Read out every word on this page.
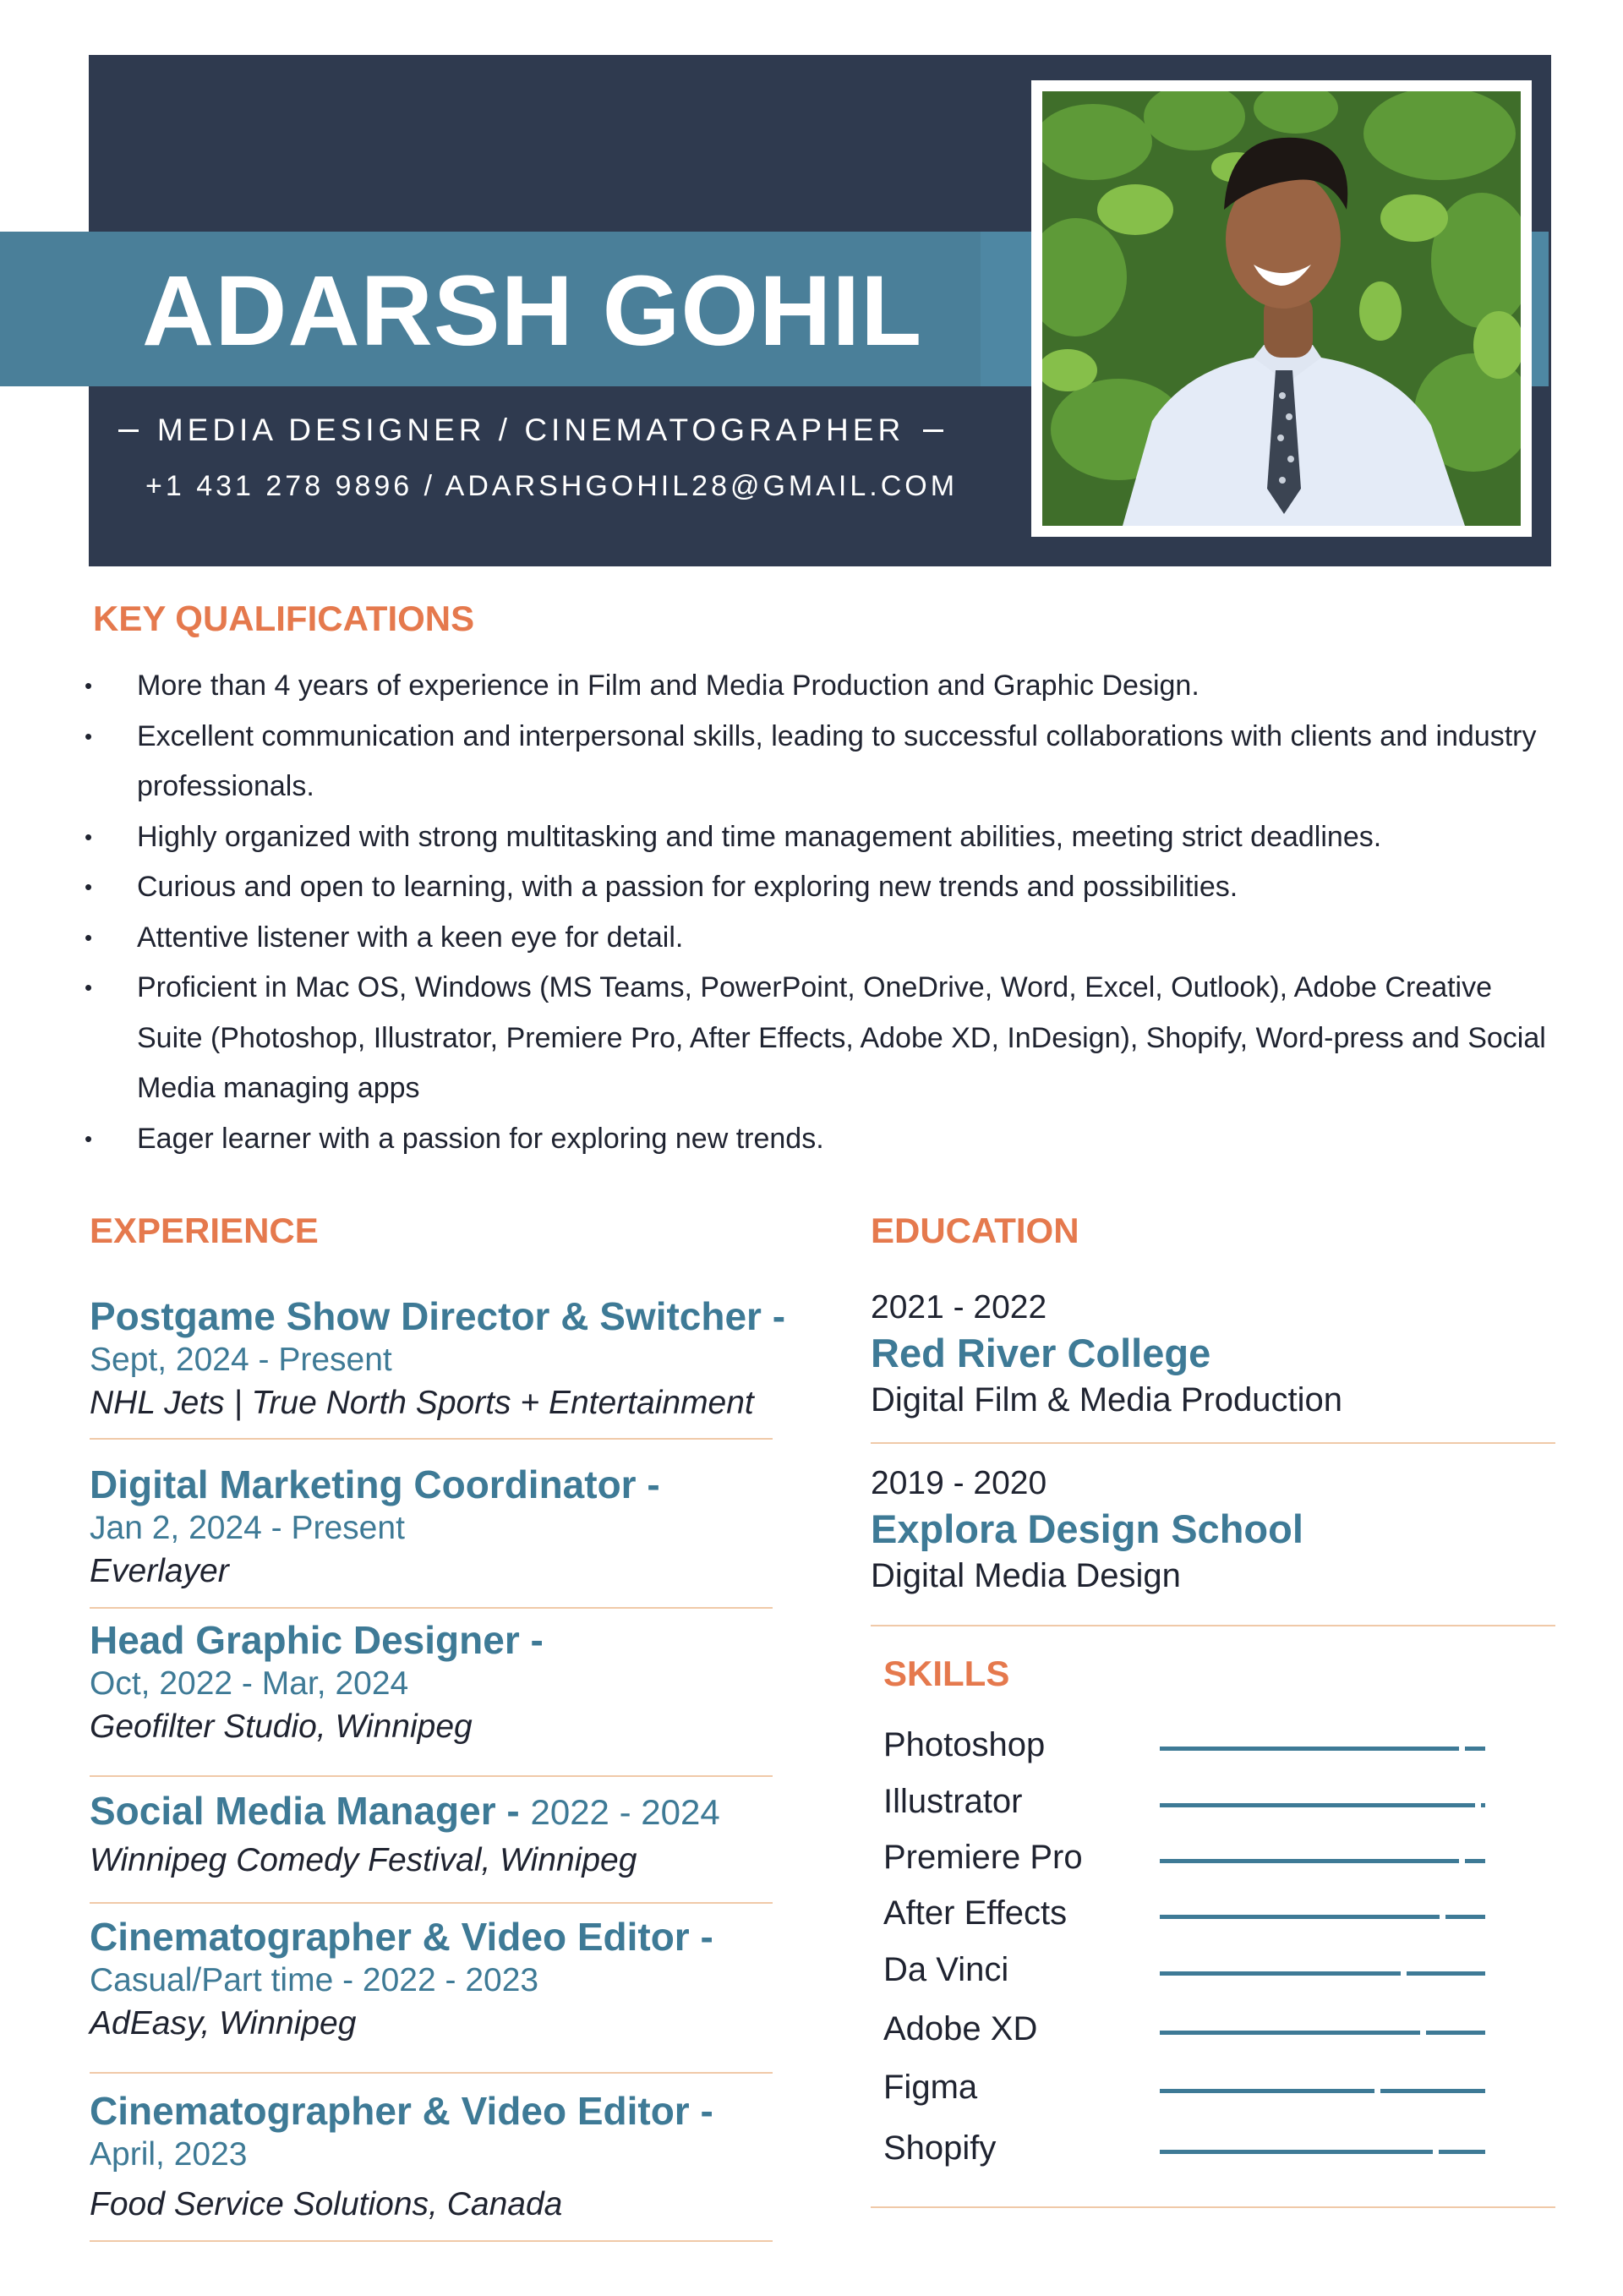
ADARSH GOHIL
MEDIA DESIGNER / CINEMATOGRAPHER
+1 431 278 9896 / ADARSHGOHIL28@GMAIL.COM
KEY QUALIFICATIONS
• More than 4 years of experience in Film and Media Production and Graphic Design.
• Excellent communication and interpersonal skills, leading to successful collaborations with clients and industry professionals.
• Highly organized with strong multitasking and time management abilities, meeting strict deadlines.
• Curious and open to learning, with a passion for exploring new trends and possibilities.
• Attentive listener with a keen eye for detail.
• Proficient in Mac OS, Windows (MS Teams, PowerPoint, OneDrive, Word, Excel, Outlook), Adobe Creative Suite (Photoshop, Illustrator, Premiere Pro, After Effects, Adobe XD, InDesign), Shopify, Word-press and Social Media managing apps
• Eager learner with a passion for exploring new trends.
EXPERIENCE
Postgame Show Director & Switcher -
Sept, 2024 - Present
NHL Jets | True North Sports + Entertainment
Digital Marketing Coordinator -
Jan 2, 2024 - Present
Everlayer
Head Graphic Designer -
Oct, 2022 - Mar, 2024
Geofilter Studio, Winnipeg
Social Media Manager - 2022 - 2024
Winnipeg Comedy Festival, Winnipeg
Cinematographer & Video Editor -
Casual/Part time - 2022 - 2023
AdEasy, Winnipeg
Cinematographer & Video Editor -
April, 2023
Food Service Solutions, Canada
EDUCATION
2021 - 2022
Red River College
Digital Film & Media Production
2019 - 2020
Explora Design School
Digital Media Design
SKILLS
Photoshop
Illustrator
Premiere Pro
After Effects
Da Vinci
Adobe XD
Figma
Shopify
